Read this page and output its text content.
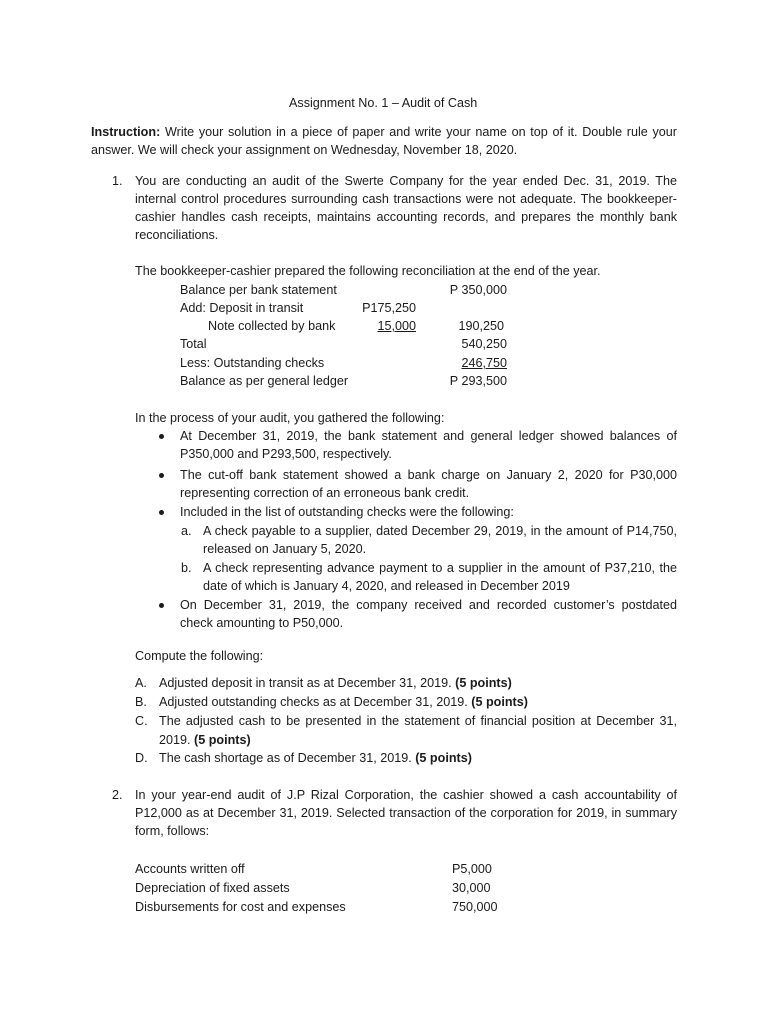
Assignment No. 1 – Audit of Cash
Instruction: Write your solution in a piece of paper and write your name on top of it. Double rule your
answer. We will check your assignment on Wednesday, November 18, 2020.
1. You are conducting an audit of the Swerte Company for the year ended Dec. 31, 2019. The
internal control procedures surrounding cash transactions were not adequate. The bookkeeper-
cashier handles cash receipts, maintains accounting records, and prepares the monthly bank
reconciliations.
The bookkeeper-cashier prepared the following reconciliation at the end of the year.
Balance per bank statement	P 350,000
Add: Deposit in transit	P175,250
Note collected by bank	15,000	190,250
Total	540,250
Less: Outstanding checks	246,750
Balance as per general ledger	P 293,500
In the process of your audit, you gathered the following:
At December 31, 2019, the bank statement and general ledger showed balances of
P350,000 and P293,500, respectively.
The cut-off bank statement showed a bank charge on January 2, 2020 for P30,000
representing correction of an erroneous bank credit.
Included in the list of outstanding checks were the following:
a. A check payable to a supplier, dated December 29, 2019, in the amount of P14,750,
released on January 5, 2020.
b. A check representing advance payment to a supplier in the amount of P37,210, the
date of which is January 4, 2020, and released in December 2019
On December 31, 2019, the company received and recorded customer’s postdated
check amounting to P50,000.
Compute the following:
A. Adjusted deposit in transit as at December 31, 2019. (5 points)
B. Adjusted outstanding checks as at December 31, 2019. (5 points)
C. The adjusted cash to be presented in the statement of financial position at December 31,
2019. (5 points)
D. The cash shortage as of December 31, 2019. (5 points)
2. In your year-end audit of J.P Rizal Corporation, the cashier showed a cash accountability of
P12,000 as at December 31, 2019. Selected transaction of the corporation for 2019, in summary
form, follows:
Accounts written off	P5,000
Depreciation of fixed assets	30,000
Disbursements for cost and expenses	750,000
